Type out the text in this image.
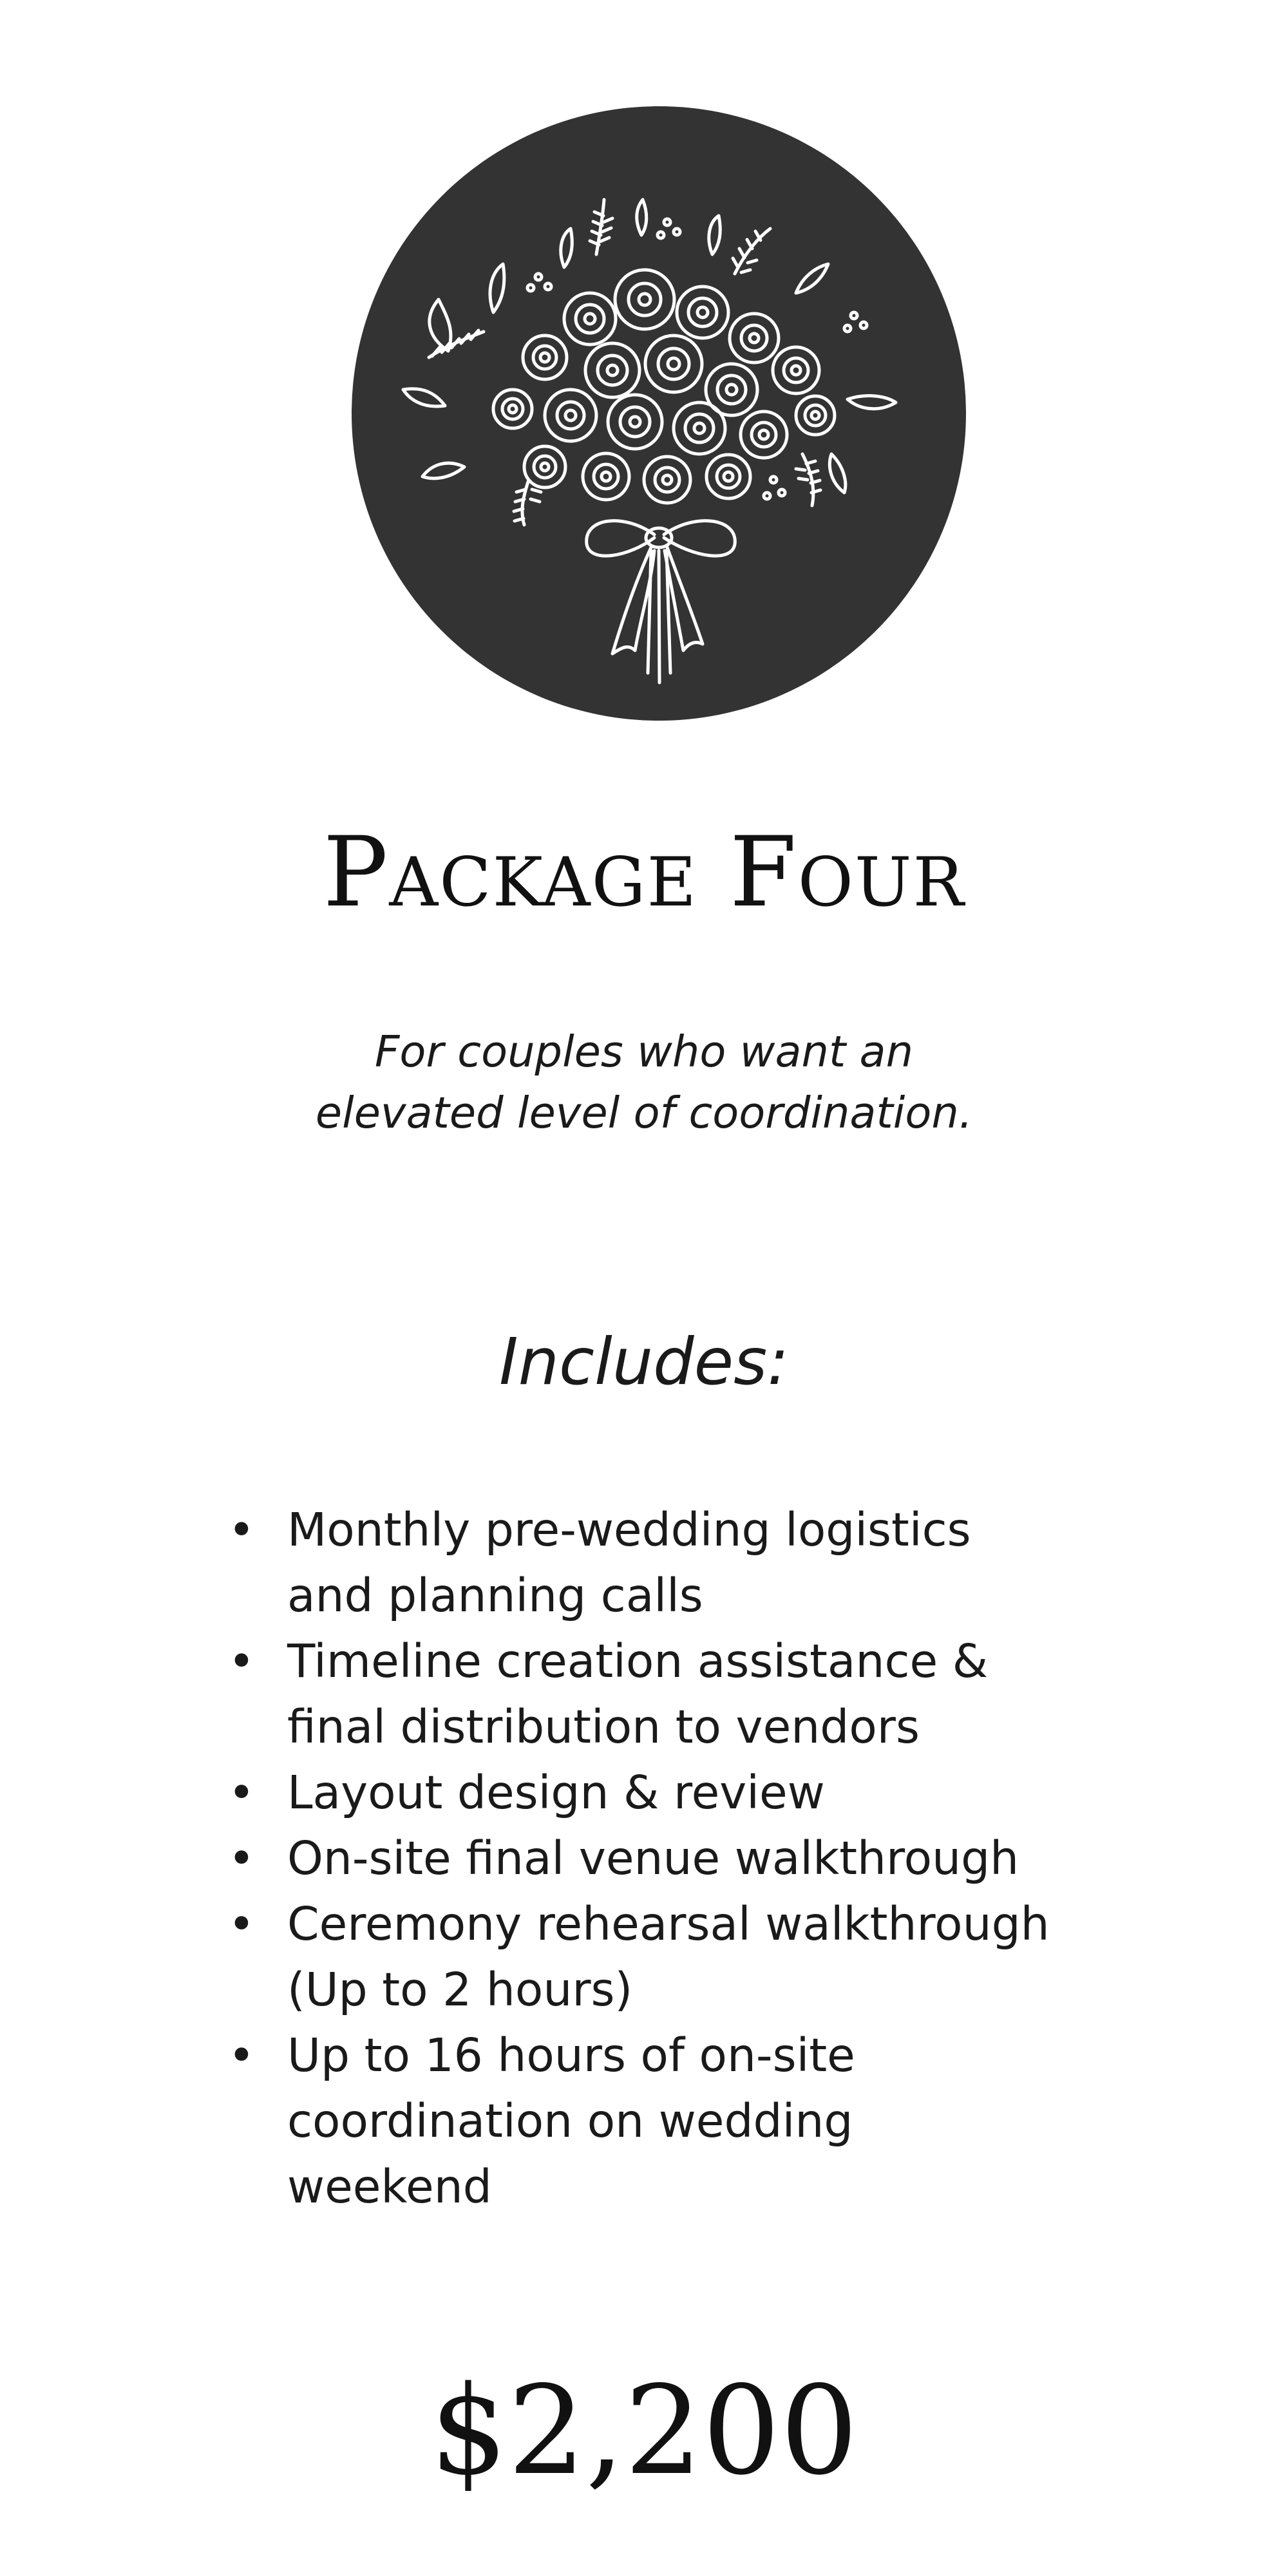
Package Four
For couples who want an
elevated level of coordination.
Includes:
• Monthly pre-wedding logistics
and planning calls
• Timeline creation assistance &
final distribution to vendors
• Layout design & review
• On-site final venue walkthrough
• Ceremony rehearsal walkthrough
(Up to 2 hours)
• Up to 16 hours of on-site
coordination on wedding
weekend
$2,200
